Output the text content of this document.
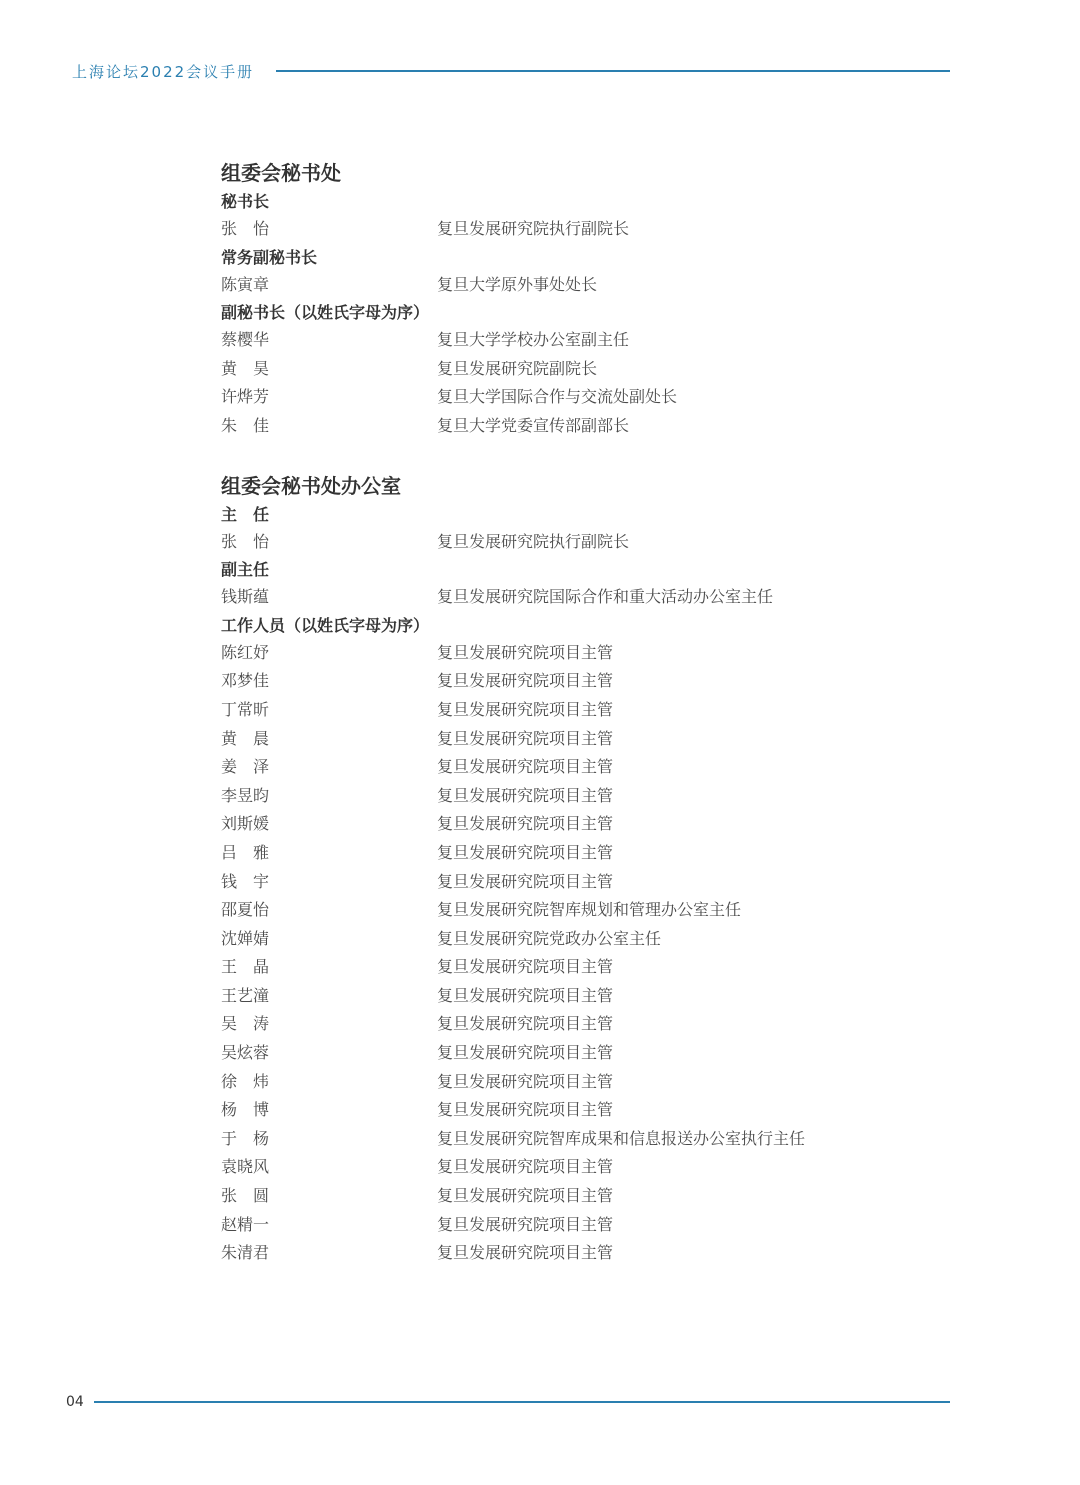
上海论坛2022会议手册
组委会秘书处
秘书长
张　怡	复旦发展研究院执行副院长
常务副秘书长
陈寅章	复旦大学原外事处处长
副秘书长（以姓氏字母为序）
蔡樱华	复旦大学学校办公室副主任
黄　昊	复旦发展研究院副院长
许烨芳	复旦大学国际合作与交流处副处长
朱　佳	复旦大学党委宣传部副部长
组委会秘书处办公室
主　任
张　怡	复旦发展研究院执行副院长
副主任
钱斯蕴	复旦发展研究院国际合作和重大活动办公室主任
工作人员（以姓氏字母为序）
陈红妤	复旦发展研究院项目主管
邓梦佳	复旦发展研究院项目主管
丁常昕	复旦发展研究院项目主管
黄　晨	复旦发展研究院项目主管
姜　泽	复旦发展研究院项目主管
李昱昀	复旦发展研究院项目主管
刘斯媛	复旦发展研究院项目主管
吕　雅	复旦发展研究院项目主管
钱　宇	复旦发展研究院项目主管
邵夏怡	复旦发展研究院智库规划和管理办公室主任
沈婵婧	复旦发展研究院党政办公室主任
王　晶	复旦发展研究院项目主管
王艺潼	复旦发展研究院项目主管
吴　涛	复旦发展研究院项目主管
吴炫蓉	复旦发展研究院项目主管
徐　炜	复旦发展研究院项目主管
杨　博	复旦发展研究院项目主管
于　杨	复旦发展研究院智库成果和信息报送办公室执行主任
袁晓风	复旦发展研究院项目主管
张　圆	复旦发展研究院项目主管
赵精一	复旦发展研究院项目主管
朱清君	复旦发展研究院项目主管
04
